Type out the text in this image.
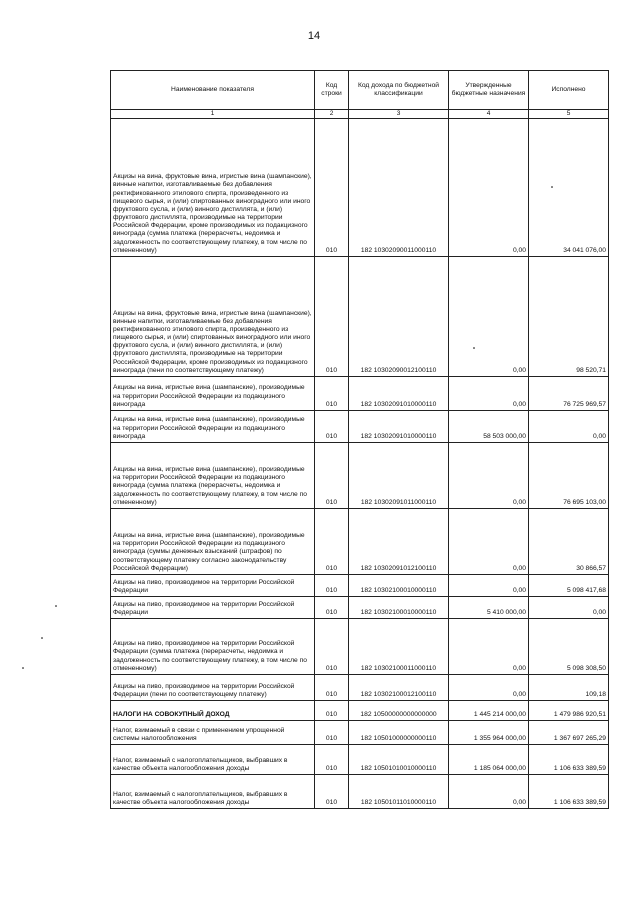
14
Наименование показателя	Код строки	Код дохода по бюджетной классификации	Утвержденные бюджетные назначения	Исполнено
1	2	3	4	5
Акцизы на вина, фруктовые вина, игристые вина (шампанские), винные напитки, изготавливаемые без добавления ректификованного этилового спирта, произведенного из пищевого сырья, и (или) спиртованных виноградного или иного фруктового сусла, и (или) винного дистиллята, и (или) фруктового дистиллята, производимые на территории Российской Федерации, кроме производимых из подакцизного винограда (сумма платежа (перерасчеты, недоимка и задолженность по соответствующему платежу, в том числе по отмененному)	010	182 10302090011000110	0,00	34 041 076,00
Акцизы на вина, фруктовые вина, игристые вина (шампанские), винные напитки, изготавливаемые без добавления ректификованного этилового спирта, произведенного из пищевого сырья, и (или) спиртованных виноградного или иного фруктового сусла, и (или) винного дистиллята, и (или) фруктового дистиллята, производимые на территории Российской Федерации, кроме производимых из подакцизного винограда (пени по соответствующему платежу)	010	182 10302090012100110	0,00	98 520,71
Акцизы на вина, игристые вина (шампанские), производимые на территории Российской Федерации из подакцизного винограда	010	182 10302091010000110	0,00	76 725 969,57
Акцизы на вина, игристые вина (шампанские), производимые на территории Российской Федерации из подакцизного винограда	010	182 10302091010000110	58 503 000,00	0,00
Акцизы на вина, игристые вина (шампанские), производимые на территории Российской Федерации из подакцизного винограда (сумма платежа (перерасчеты, недоимка и задолженность по соответствующему платежу, в том числе по отмененному)	010	182 10302091011000110	0,00	76 695 103,00
Акцизы на вина, игристые вина (шампанские), производимые на территории Российской Федерации из подакцизного винограда (суммы денежных взысканий (штрафов) по соответствующему платежу согласно законодательству Российской Федерации)	010	182 10302091012100110	0,00	30 866,57
Акцизы на пиво, производимое на территории Российской Федерации	010	182 10302100010000110	0,00	5 098 417,68
Акцизы на пиво, производимое на территории Российской Федерации	010	182 10302100010000110	5 410 000,00	0,00
Акцизы на пиво, производимое на территории Российской Федерации (сумма платежа (перерасчеты, недоимка и задолженность по соответствующему платежу, в том числе по отмененному)	010	182 10302100011000110	0,00	5 098 308,50
Акцизы на пиво, производимое на территории Российской Федерации (пени по соответствующему платежу)	010	182 10302100012100110	0,00	109,18
НАЛОГИ НА СОВОКУПНЫЙ ДОХОД	010	182 10500000000000000	1 445 214 000,00	1 479 986 920,51
Налог, взимаемый в связи с применением упрощенной системы налогообложения	010	182 10501000000000110	1 355 964 000,00	1 367 697 265,29
Налог, взимаемый с налогоплательщиков, выбравших в качестве объекта налогообложения доходы	010	182 10501010010000110	1 185 064 000,00	1 106 633 389,59
Налог, взимаемый с налогоплательщиков, выбравших в качестве объекта налогообложения доходы	010	182 10501011010000110	0,00	1 106 633 389,59
